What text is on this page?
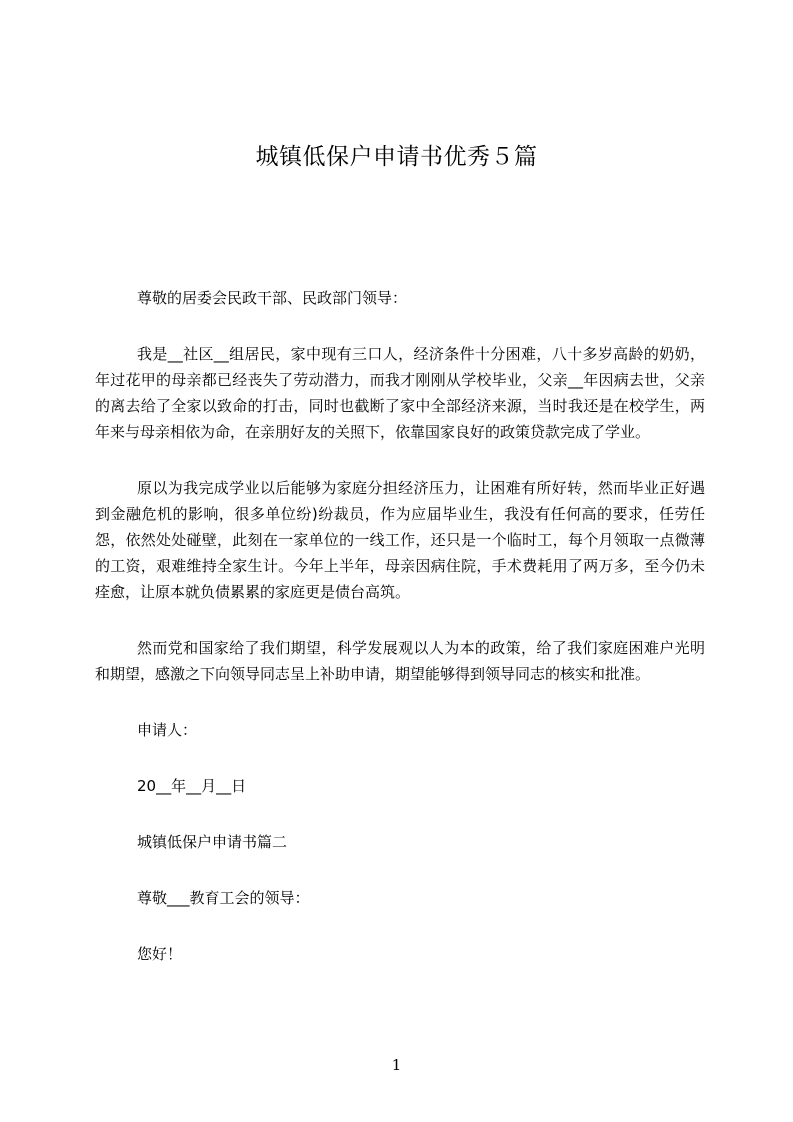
城镇低保户申请书优秀５篇
尊敬的居委会民政干部、民政部门领导：

我是__社区__组居民，家中现有三口人，经济条件十分困难，八十多岁高龄的奶奶，年过花甲的母亲都已经丧失了劳动潜力，而我才刚刚从学校毕业，父亲__年因病去世，父亲的离去给了全家以致命的打击，同时也截断了家中全部经济来源，当时我还是在校学生，两年来与母亲相依为命，在亲朋好友的关照下，依靠国家良好的政策贷款完成了学业。

原以为我完成学业以后能够为家庭分担经济压力，让困难有所好转，然而毕业正好遇到金融危机的影响，很多单位纷)纷裁员，作为应届毕业生，我没有任何高的要求，任劳任怨，依然处处碰壁，此刻在一家单位的一线工作，还只是一个临时工，每个月领取一点微薄的工资，艰难维持全家生计。今年上半年，母亲因病住院，手术费耗用了两万多，至今仍未痊愈，让原本就负债累累的家庭更是债台高筑。

然而党和国家给了我们期望，科学发展观以人为本的政策，给了我们家庭困难户光明和期望，感激之下向领导同志呈上补助申请，期望能够得到领导同志的核实和批准。

申请人：
20__年__月__日
城镇低保户申请书篇二
尊敬___教育工会的领导：
您好！
1
